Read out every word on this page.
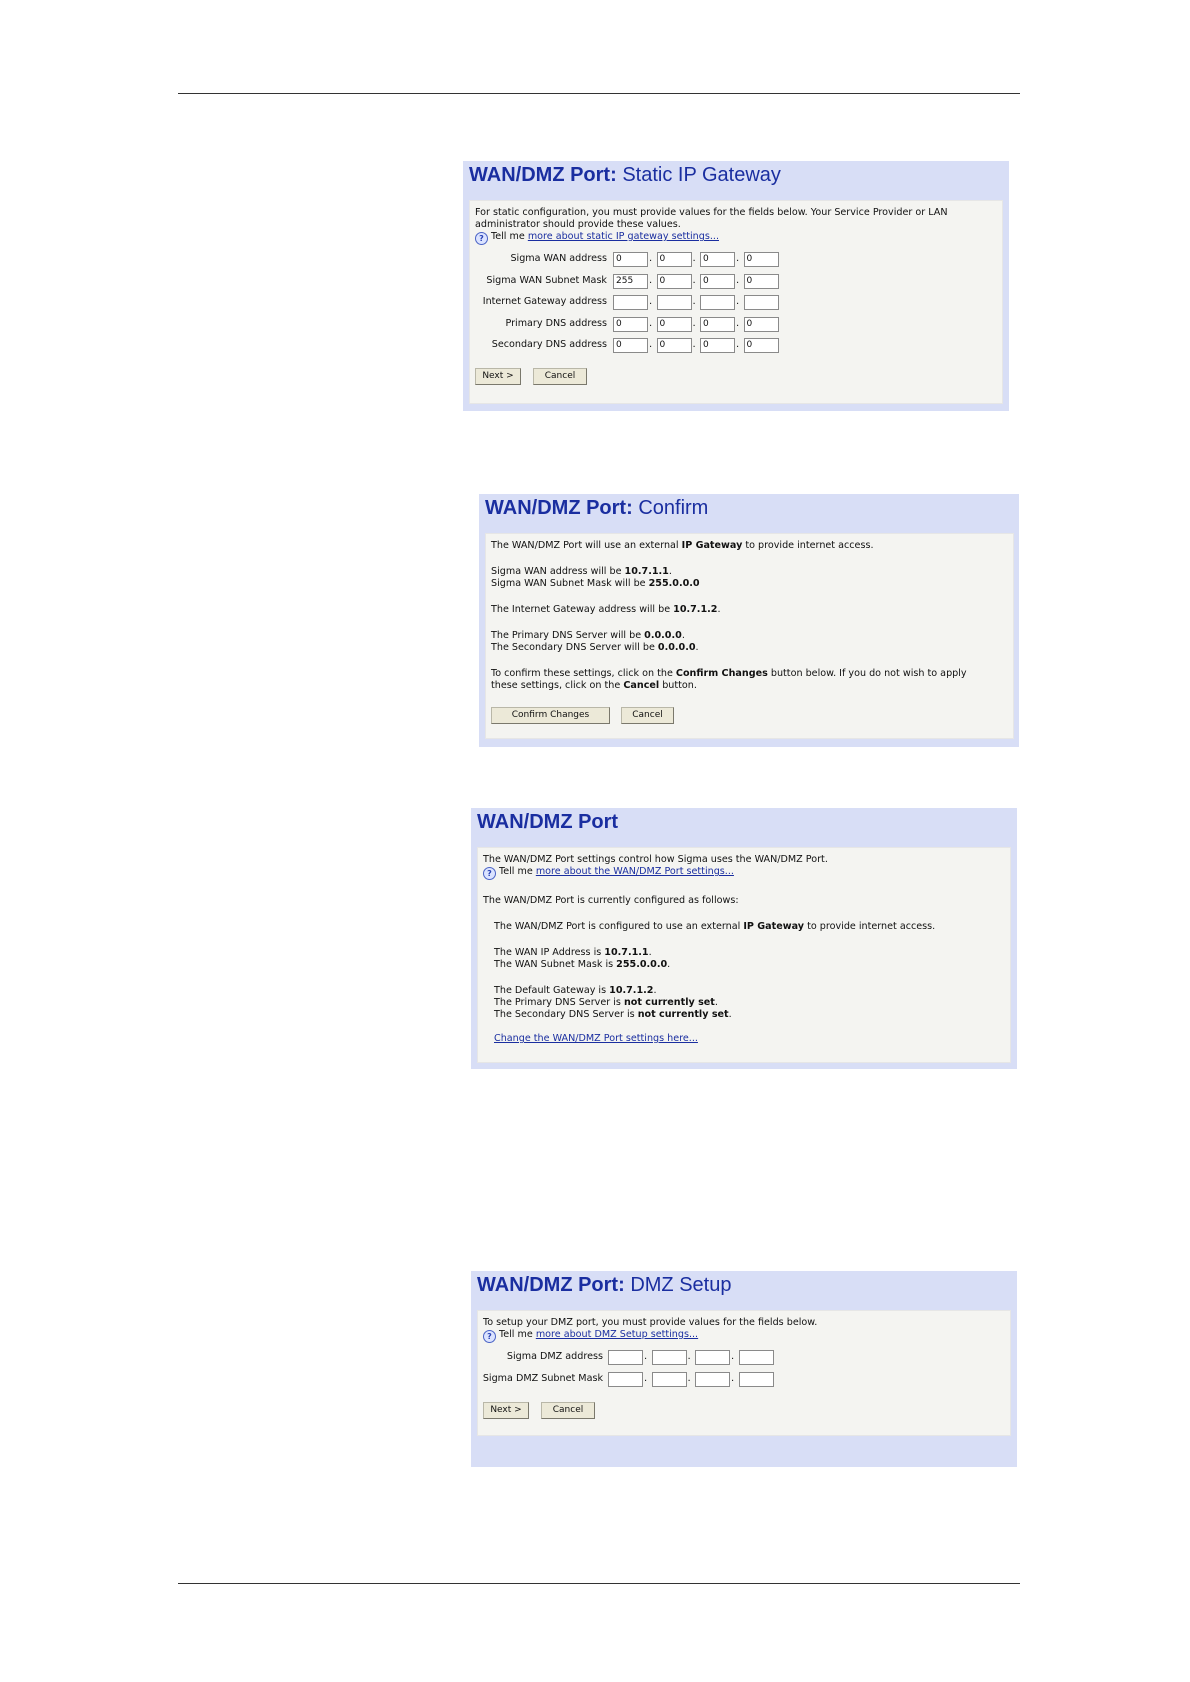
WAN/DMZ Port: Static IP Gateway
For static configuration, you must provide values for the fields below. Your Service Provider or LAN
administrator should provide these values.
? Tell me more about static IP gateway settings...
Sigma WAN address	0	. 0	. 0	. 0
Sigma WAN Subnet Mask	255	. 0	. 0	. 0
Internet Gateway address	.	.	.
Primary DNS address	0	. 0	. 0	. 0
Secondary DNS address	0	. 0	. 0	. 0
Next >	Cancel
WAN/DMZ Port: Confirm
The WAN/DMZ Port will use an external IP Gateway to provide internet access.
Sigma WAN address will be 10.7.1.1.
Sigma WAN Subnet Mask will be 255.0.0.0
The Internet Gateway address will be 10.7.1.2.
The Primary DNS Server will be 0.0.0.0.
The Secondary DNS Server will be 0.0.0.0.
To confirm these settings, click on the Confirm Changes button below. If you do not wish to apply
these settings, click on the Cancel button.
Confirm Changes	Cancel
WAN/DMZ Port
The WAN/DMZ Port settings control how Sigma uses the WAN/DMZ Port.
? Tell me more about the WAN/DMZ Port settings...
The WAN/DMZ Port is currently configured as follows:
The WAN/DMZ Port is configured to use an external IP Gateway to provide internet access.
The WAN IP Address is 10.7.1.1.
The WAN Subnet Mask is 255.0.0.0.
The Default Gateway is 10.7.1.2.
The Primary DNS Server is not currently set.
The Secondary DNS Server is not currently set.
Change the WAN/DMZ Port settings here...
WAN/DMZ Port: DMZ Setup
To setup your DMZ port, you must provide values for the fields below.
? Tell me more about DMZ Setup settings...
Sigma DMZ address	.	.	.
Sigma DMZ Subnet Mask	.	.	.
Next >	Cancel
